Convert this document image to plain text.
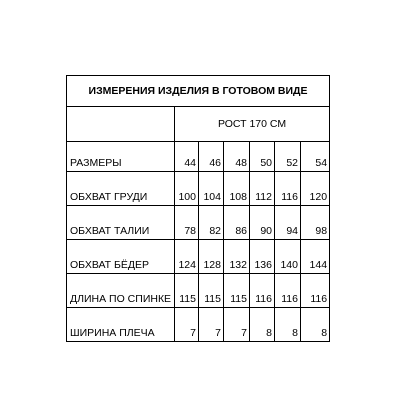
ИЗМЕРЕНИЯ ИЗДЕЛИЯ В ГОТОВОМ ВИДЕ						
	РОСТ 170 СМ					
РАЗМЕРЫ	44	46	48	50	52	54
ОБХВАТ ГРУДИ	100	104	108	112	116	120
ОБХВАТ ТАЛИИ	78	82	86	90	94	98
ОБХВАТ БЁДЕР	124	128	132	136	140	144
ДЛИНА ПО СПИНКЕ	115	115	115	116	116	116
ШИРИНА ПЛЕЧА	7	7	7	8	8	8
